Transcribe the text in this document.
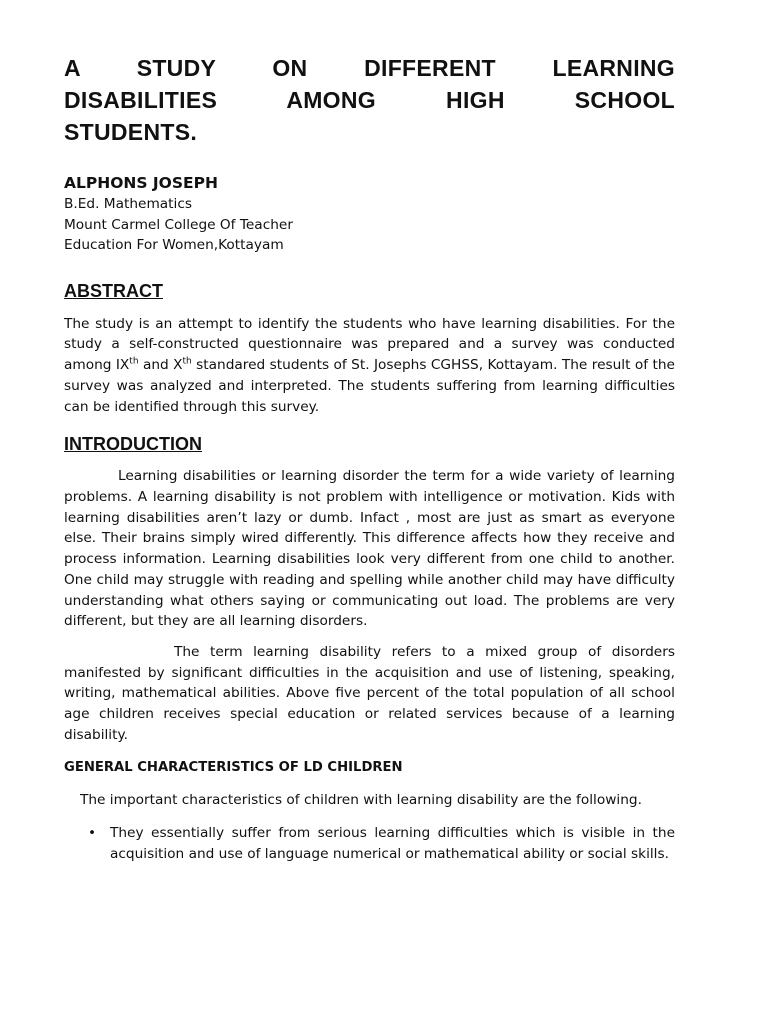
A STUDY ON DIFFERENT LEARNING
DISABILITIES AMONG HIGH SCHOOL
STUDENTS.
ALPHONS JOSEPH
B.Ed. Mathematics
Mount Carmel College Of Teacher
Education For Women,Kottayam
ABSTRACT

The study is an attempt to identify the students who have learning disabilities. For the study a self-constructed questionnaire was prepared and a survey was conducted among IXth and Xth standared students of St. Josephs CGHSS, Kottayam. The result of the survey was analyzed and interpreted. The students suffering from learning difficulties can be identified through this survey.

INTRODUCTION

Learning disabilities or learning disorder the term for a wide variety of learning problems. A learning disability is not problem with intelligence or motivation. Kids with learning disabilities aren’t lazy or dumb. Infact , most are just as smart as everyone else. Their brains simply wired differently. This difference affects how they receive and process information. Learning disabilities look very different from one child to another. One child may struggle with reading and spelling while another child may have difficulty understanding what others saying or communicating out load. The problems are very different, but they are all learning disorders.

The term learning disability refers to a mixed group of disorders manifested by significant difficulties in the acquisition and use of listening, speaking, writing, mathematical abilities. Above five percent of the total population of all school age children receives special education or related services because of a learning disability.

GENERAL CHARACTERISTICS OF LD CHILDREN

The important characteristics of children with learning disability are the following.

• They essentially suffer from serious learning difficulties which is visible in the acquisition and use of language numerical or mathematical ability or social skills.
